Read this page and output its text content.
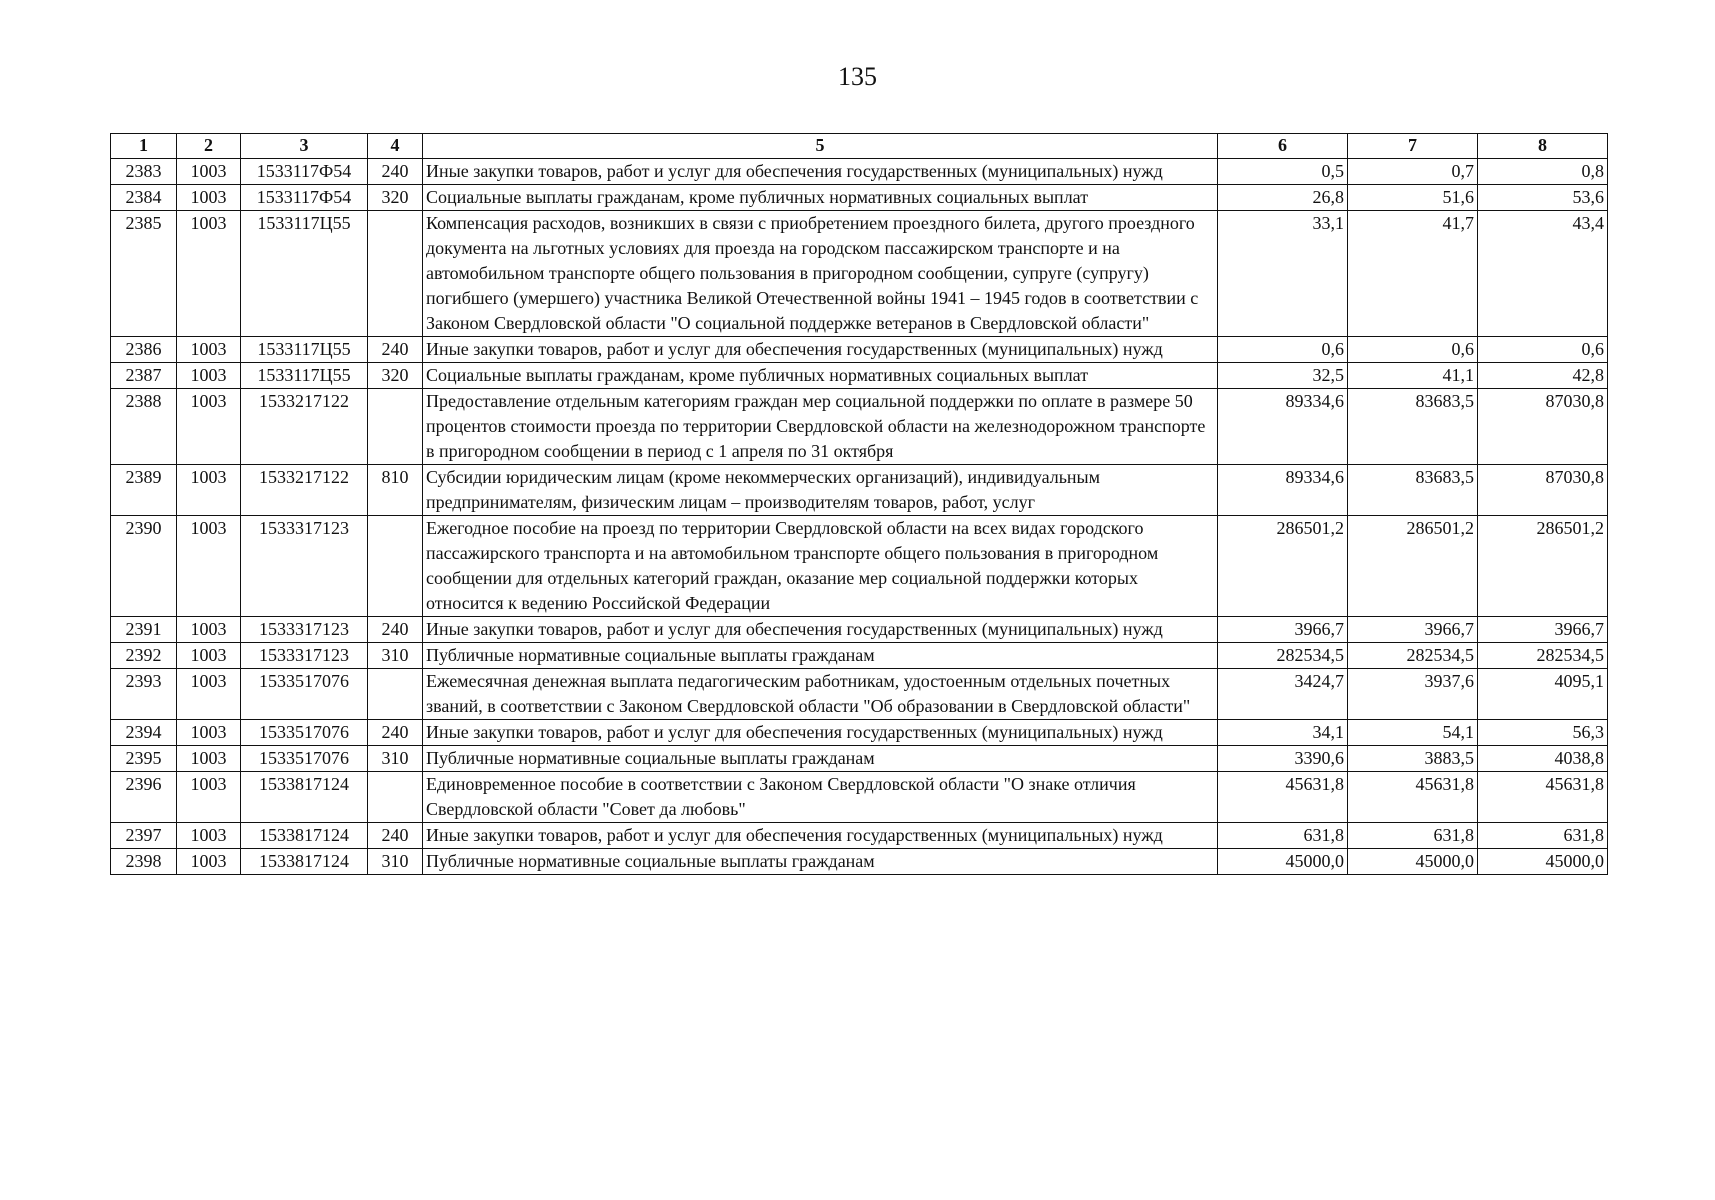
135
1	2	3	4	5	6	7	8
2383	1003	1533117Ф54	240	Иные закупки товаров, работ и услуг для обеспечения государственных (муниципальных) нужд	0,5	0,7	0,8
2384	1003	1533117Ф54	320	Социальные выплаты гражданам, кроме публичных нормативных социальных выплат	26,8	51,6	53,6
2385	1003	1533117Ц55		Компенсация расходов, возникших в связи с приобретением проездного билета, другого проездного документа на льготных условиях для проезда на городском пассажирском транспорте и на автомобильном транспорте общего пользования в пригородном сообщении, супруге (супругу) погибшего (умершего) участника Великой Отечественной войны 1941 – 1945 годов в соответствии с Законом Свердловской области "О социальной поддержке ветеранов в Свердловской области"	33,1	41,7	43,4
2386	1003	1533117Ц55	240	Иные закупки товаров, работ и услуг для обеспечения государственных (муниципальных) нужд	0,6	0,6	0,6
2387	1003	1533117Ц55	320	Социальные выплаты гражданам, кроме публичных нормативных социальных выплат	32,5	41,1	42,8
2388	1003	1533217122		Предоставление отдельным категориям граждан мер социальной поддержки по оплате в размере 50 процентов стоимости проезда по территории Свердловской области на железнодорожном транспорте в пригородном сообщении в период с 1 апреля по 31 октября	89334,6	83683,5	87030,8
2389	1003	1533217122	810	Субсидии юридическим лицам (кроме некоммерческих организаций), индивидуальным предпринимателям, физическим лицам – производителям товаров, работ, услуг	89334,6	83683,5	87030,8
2390	1003	1533317123		Ежегодное пособие на проезд по территории Свердловской области на всех видах городского пассажирского транспорта и на автомобильном транспорте общего пользования в пригородном сообщении для отдельных категорий граждан, оказание мер социальной поддержки которых относится к ведению Российской Федерации	286501,2	286501,2	286501,2
2391	1003	1533317123	240	Иные закупки товаров, работ и услуг для обеспечения государственных (муниципальных) нужд	3966,7	3966,7	3966,7
2392	1003	1533317123	310	Публичные нормативные социальные выплаты гражданам	282534,5	282534,5	282534,5
2393	1003	1533517076		Ежемесячная денежная выплата педагогическим работникам, удостоенным отдельных почетных званий, в соответствии с Законом Свердловской области "Об образовании в Свердловской области"	3424,7	3937,6	4095,1
2394	1003	1533517076	240	Иные закупки товаров, работ и услуг для обеспечения государственных (муниципальных) нужд	34,1	54,1	56,3
2395	1003	1533517076	310	Публичные нормативные социальные выплаты гражданам	3390,6	3883,5	4038,8
2396	1003	1533817124		Единовременное пособие в соответствии с Законом Свердловской области "О знаке отличия Свердловской области "Совет да любовь"	45631,8	45631,8	45631,8
2397	1003	1533817124	240	Иные закупки товаров, работ и услуг для обеспечения государственных (муниципальных) нужд	631,8	631,8	631,8
2398	1003	1533817124	310	Публичные нормативные социальные выплаты гражданам	45000,0	45000,0	45000,0
